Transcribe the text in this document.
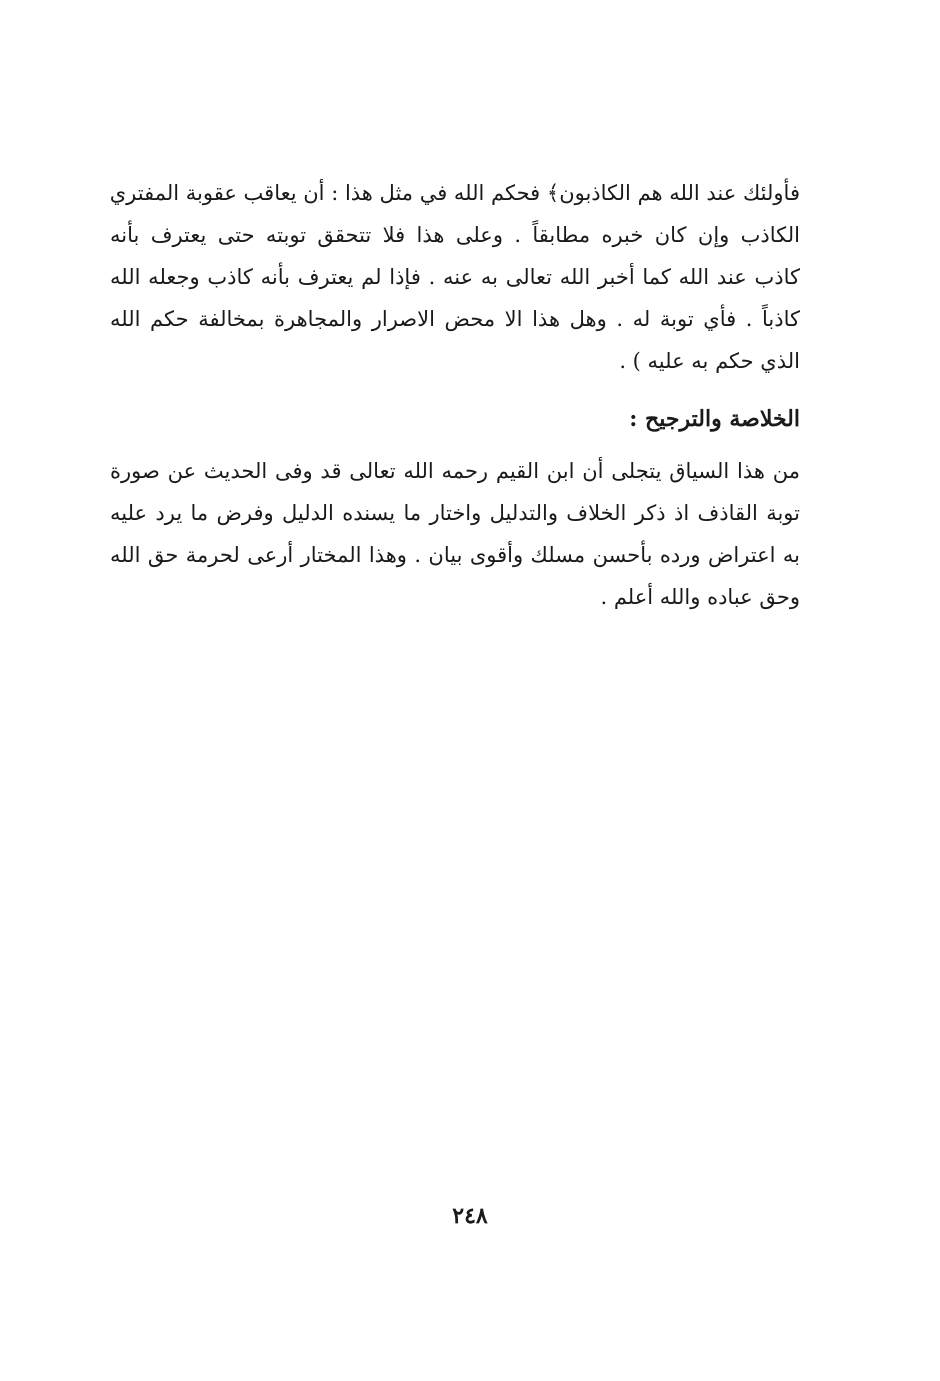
فأولئك عند الله هم الكاذبون﴾ فحكم الله في مثل هذا : أن يعاقب عقوبة المفتري
الكاذب وإن كان خبره مطابقاً . وعلى هذا فلا تتحقق توبته حتى يعترف بأنه
كاذب عند الله كما أخبر الله تعالى به عنه . فإذا لم يعترف بأنه كاذب وجعله الله
كاذباً . فأي توبة له . وهل هذا الا محض الاصرار والمجاهرة بمخالفة حكم الله
الذي حكم به عليه ) .
الخلاصة والترجيح :
من هذا السياق يتجلى أن ابن القيم رحمه الله تعالى قد وفى الحديث عن صورة
توبة القاذف اذ ذكر الخلاف والتدليل واختار ما يسنده الدليل وفرض ما يرد عليه
به اعتراض ورده بأحسن مسلك وأقوى بيان . وهذا المختار أرعى لحرمة حق الله
وحق عباده والله أعلم .
٢٤٨
